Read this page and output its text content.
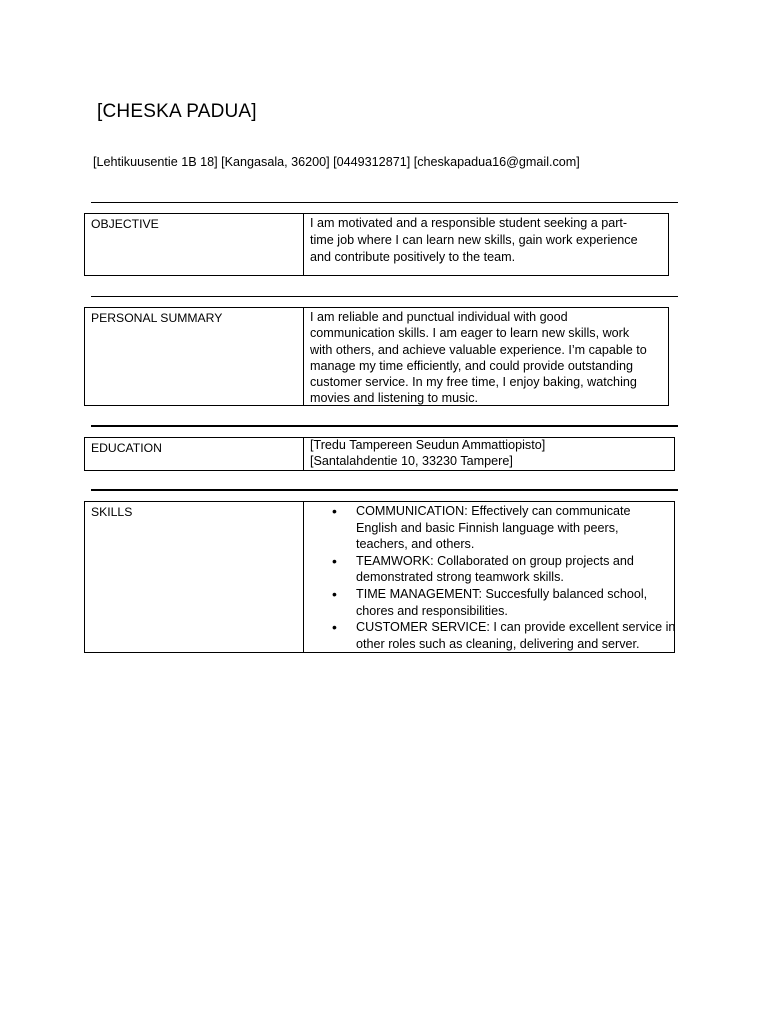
[CHESKA PADUA]
[Lehtikuusentie 1B 18] [Kangasala, 36200] [0449312871] [cheskapadua16@gmail.com]
OBJECTIVE	I am motivated and a responsible student seeking a part-
time job where I can learn new skills, gain work experience
and contribute positively to the team.
PERSONAL SUMMARY	I am reliable and punctual individual with good
communication skills. I am eager to learn new skills, work
with others, and achieve valuable experience. I’m capable to
manage my time efficiently, and could provide outstanding
customer service. In my free time, I enjoy baking, watching
movies and listening to music.
EDUCATION	[Tredu Tampereen Seudun Ammattiopisto]
[Santalahdentie 10, 33230 Tampere]
SKILLS
•	COMMUNICATION: Effectively can communicate
English and basic Finnish language with peers,
teachers, and others.
• TEAMWORK: Collaborated on group projects and
demonstrated strong teamwork skills.
• TIME MANAGEMENT: Succesfully balanced school,
chores and responsibilities.
• CUSTOMER SERVICE: I can provide excellent service in
other roles such as cleaning, delivering and server.
